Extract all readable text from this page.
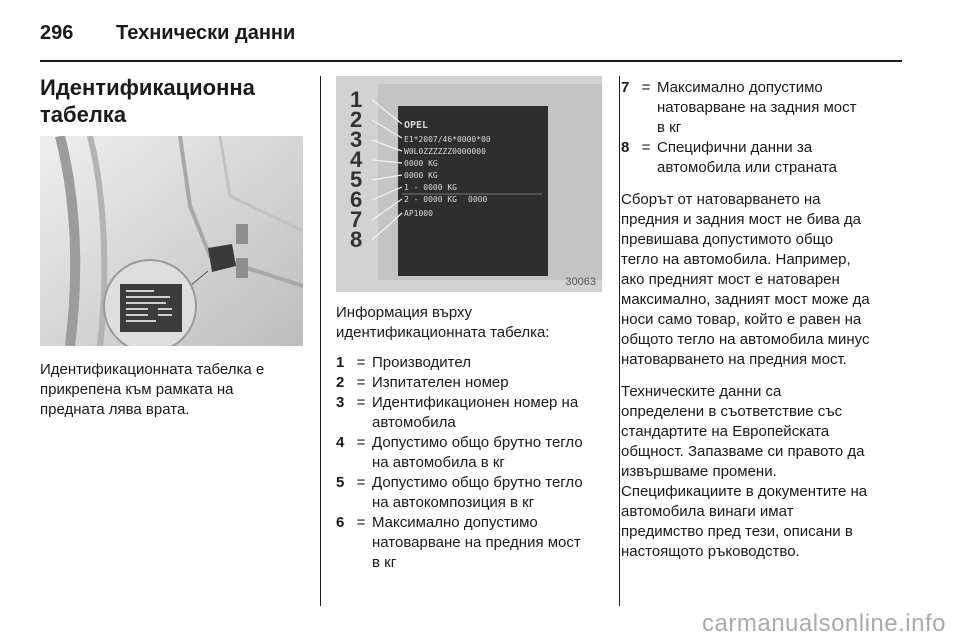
296 Технически данни
Идентификационна
табелка

Идентификационната табелка е
прикрепена към рамката на
предната лява врата.

OPEL
E1*2007/46*0000*00
W0L0ZZZZZZ0000000
0000 KG
0000 KG
1 - 0000 KG
2 - 0000 KG 0000
AP1000
1
2
3
4
5
6
7
8
30063

Информация върху
идентификационната табелка:

1 = Производител
2 = Изпитателен номер
3 = Идентификационен номер на
автомобила
4 = Допустимо общо брутно тегло
на автомобила в кг
5 = Допустимо общо брутно тегло
на автокомпозиция в кг
6 = Максимално допустимо
натоварване на предния мост
в кг
7 = Максимално допустимо
натоварване на задния мост
в кг
8 = Специфични данни за
автомобила или страната

Сборът от натоварването на
предния и задния мост не бива да
превишава допустимото общо
тегло на автомобила. Например,
ако предният мост е натоварен
максимално, задният мост може да
носи само товар, който е равен на
общото тегло на автомобила минус
натоварването на предния мост.

Техническите данни са
определени в съответствие със
стандартите на Европейската
общност. Запазваме си правото да
извършваме промени.
Спецификациите в документите на
автомобила винаги имат
предимство пред тези, описани в
настоящото ръководство.

carmanualsonline.info
